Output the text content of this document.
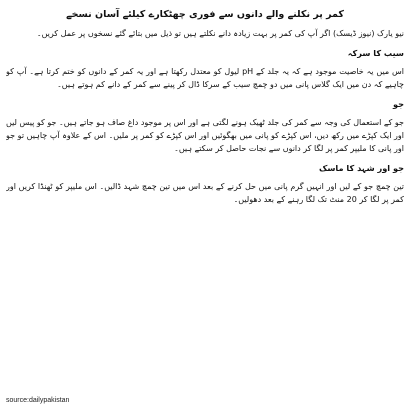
کمر پر نکلنے والے دانوں سے فوری چھٹکارے کیلئے آسان نسخے

نیو یارک (نیوز ڈیسک) اگر آپ کی کمر پر بہت زیادہ دانے نکلتے ہیں تو ذیل میں بتائے گئے نسخوں پر عمل کریں۔

سیب کا سرکہ

اس میں یہ خاصیت موجود ہے کہ یہ جلد کے pH لیول کو معتدل رکھتا ہے اور یہ کمر کے دانوں کو ختم کرتا ہے۔ آپ کو چاہیے کہ دن میں ایک گلاس پانی میں دو چمچ سیب کے سرکا ڈال کر پینے سے کمر کے دانے کم ہوتے ہیں۔

جو

جو کے استعمال کی وجہ سے کمر کی جلد ٹھیک ہونے لگتی ہے اور اس پر موجود داغ صاف ہو جاتے ہیں۔ جو کو پیس لیں اور ایک کپڑے میں رکھ دیں، اس کپڑے کو پانی میں بھگوئیں اور اس کپڑے کو کمر پر ملیں۔ اس کے علاوہ آپ چاہیں تو جو اور پانی کا ملیپر کمر پر لگا کر دانوں سے نجات حاصل کر سکتے ہیں۔

جو اور شہد کا ماسک

تین چمچ جو کے لیں اور انہیں گرم پانی میں حل کرنے کے بعد اس میں تین چمچ شہد ڈالیں۔ اس ملیپر کو ٹھنڈا کریں اور کمر پر لگا کر 20 منٹ تک لگا رہنے کے بعد دھولیں۔

source:dailypakistan
